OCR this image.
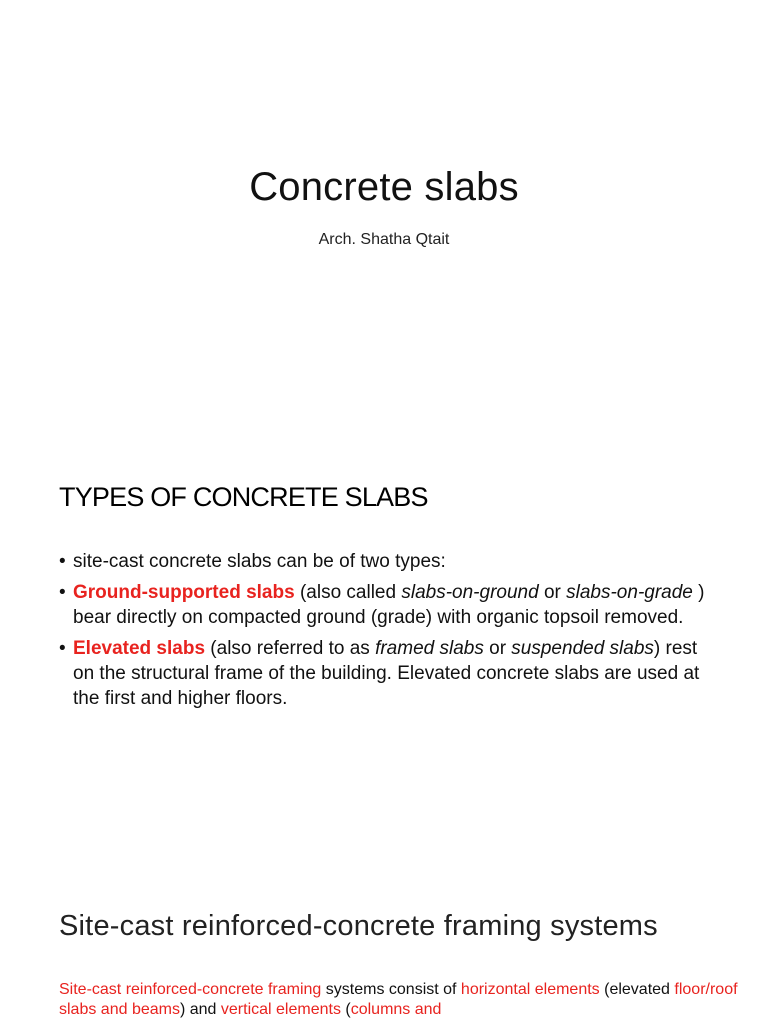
Concrete slabs
Arch. Shatha Qtait
TYPES OF CONCRETE SLABS
• site-cast concrete slabs can be of two types:
• Ground-supported slabs (also called slabs-on-ground or slabs-on-grade ) bear directly on compacted ground (grade) with organic topsoil removed.
• Elevated slabs (also referred to as framed slabs or suspended slabs) rest on the structural frame of the building. Elevated concrete slabs are used at the first and higher floors.
Site-cast reinforced-concrete framing systems
Site-cast reinforced-concrete framing systems consist of horizontal elements (elevated floor/roof slabs and beams) and vertical elements (columns and
